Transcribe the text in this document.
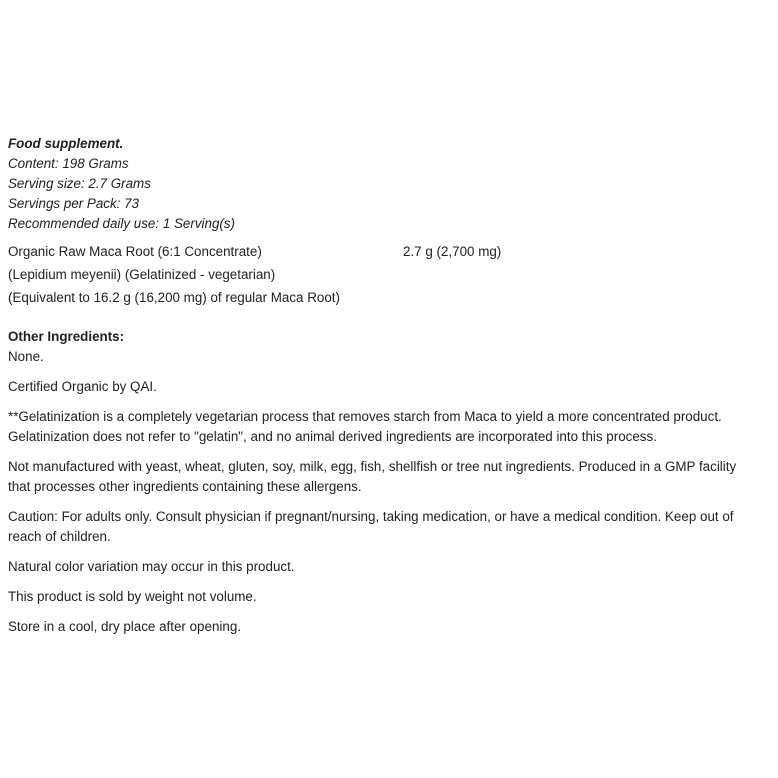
Food supplement.
Content: 198 Grams
Serving size: 2.7 Grams
Servings per Pack: 73
Recommended daily use: 1 Serving(s)
Organic Raw Maca Root (6:1 Concentrate)	2.7 g (2,700 mg)
(Lepidium meyenii) (Gelatinized - vegetarian)
(Equivalent to 16.2 g (16,200 mg) of regular Maca Root)
Other Ingredients:
None.
Certified Organic by QAI.
**Gelatinization is a completely vegetarian process that removes starch from Maca to yield a more concentrated product.
Gelatinization does not refer to "gelatin", and no animal derived ingredients are incorporated into this process.
Not manufactured with yeast, wheat, gluten, soy, milk, egg, fish, shellfish or tree nut ingredients. Produced in a GMP facility
that processes other ingredients containing these allergens.
Caution: For adults only. Consult physician if pregnant/nursing, taking medication, or have a medical condition. Keep out of
reach of children.
Natural color variation may occur in this product.
This product is sold by weight not volume.
Store in a cool, dry place after opening.
